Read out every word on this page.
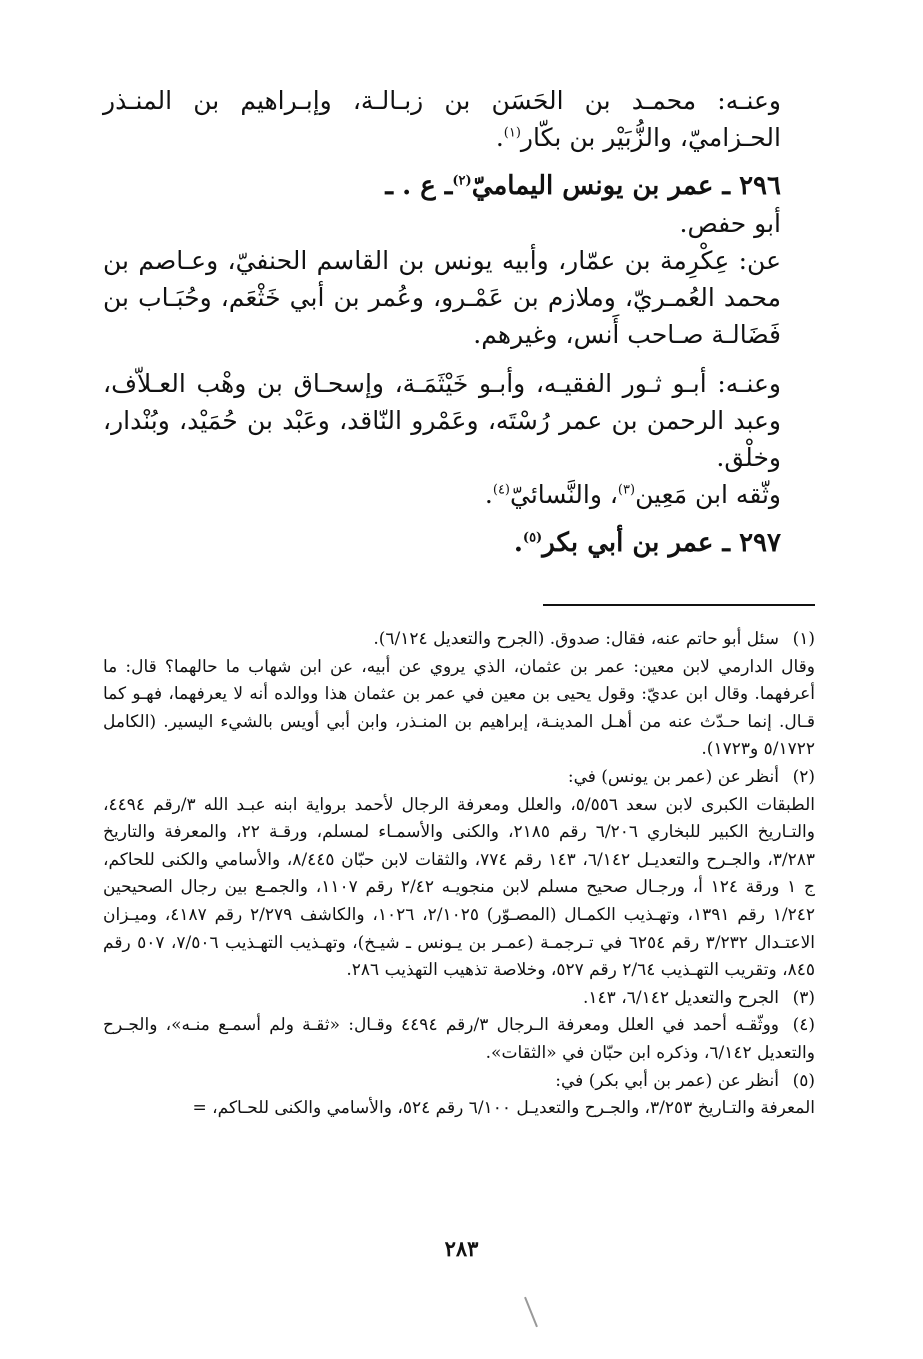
وعنـه: محمـد بن الحَسَن بن زبـالـة، وإبـراهيم بن المنـذر الحـزاميّ، والزُّبَيْر بن بكّار$^{(١)}$.

٢٩٦ ـ عمر بن يونس اليماميّ$^{(٢)}$ـ ع . ـ

أبو حفص.

عن: عِكْرِمة بن عمّار، وأبيه يونس بن القاسم الحنفيّ، وعـاصم بن محمد العُمـريّ، وملازم بن عَمْـرو، وعُمر بن أبي خَثْعَم، وحُبَـاب بن فَضَالـة صـاحب أَنس، وغيرهم.

وعنـه: أبـو ثـور الفقيـه، وأبـو خَيْثَمَـة، وإسحـاق بن وهْب العـلاّف، وعبد الرحمن بن عمر رُسْتَه، وعَمْرو النّاقد، وعَبْد بن حُمَيْد، وبُنْدار، وخلْق.

وثّقه ابن مَعِين$^{(٣)}$، والنَّسائيّ$^{(٤)}$.

٢٩٧ ـ عمر بن أبي بكر$^{(٥)}$.

(١)سئل أبو حاتم عنه، فقال: صدوق. (الجرح والتعديل ٦/١٢٤).

وقال الدارمي لابن معين: عمر بن عثمان، الذي يروي عن أبيه، عن ابن شهاب ما حالهما؟ قال: ما أعرفهما. وقال ابن عديّ: وقول يحيى بن معين في عمر بن عثمان هذا ووالده أنه لا يعرفهما، فهـو كما قـال. إنما حـدّث عنه من أهـل المدينـة، إبراهيم بن المنـذر، وابن أبي أويس بالشيء اليسير. (الكامل ٥/١٧٢٢ و١٧٢٣).

(٢)أنظر عن (عمر بن يونس) في:

الطبقات الكبرى لابن سعد ٥/٥٥٦، والعلل ومعرفة الرجال لأحمد برواية ابنه عبـد الله ٣/رقم ٤٤٩٤، والتـاريخ الكبير للبخاري ٦/٢٠٦ رقم ٢١٨٥، والكنى والأسمـاء لمسلم، ورقـة ٢٢، والمعرفة والتاريخ ٣/٢٨٣، والجـرح والتعديـل ٦/١٤٢، ١٤٣ رقم ٧٧٤، والثقات لابن حبّان ٨/٤٤٥، والأسامي والكنى للحاكم، ج ١ ورقة ١٢٤ أ، ورجـال صحيح مسلم لابن منجويـه ٢/٤٢ رقم ١١٠٧، والجمـع بين رجال الصحيحين ١/٢٤٢ رقم ١٣٩١، وتهـذيب الكمـال (المصـوّر) ٢/١٠٢٥، ١٠٢٦، والكاشف ٢/٢٧٩ رقم ٤١٨٧، وميـزان الاعتـدال ٣/٢٣٢ رقم ٦٢٥٤ في تـرجمـة (عمـر بن يـونس ـ شيـخ)، وتهـذيب التهـذيب ٧/٥٠٦، ٥٠٧ رقم ٨٤٥، وتقريب التهـذيب ٢/٦٤ رقم ٥٢٧، وخلاصة تذهيب التهذيب ٢٨٦.

(٣)الجرح والتعديل ٦/١٤٢، ١٤٣.

(٤)ووثّقـه أحمد في العلل ومعرفة الـرجال ٣/رقم ٤٤٩٤ وقـال: «ثقـة ولم أسمـع منـه»، والجـرح والتعديل ٦/١٤٢، وذكره ابن حبّان في «الثقات».

(٥)أنظر عن (عمر بن أبي بكر) في:

المعرفة والتـاريخ ٣/٢٥٣، والجـرح والتعديـل ٦/١٠٠ رقم ٥٢٤، والأسامي والكنى للحـاكم، =

٢٨٣
